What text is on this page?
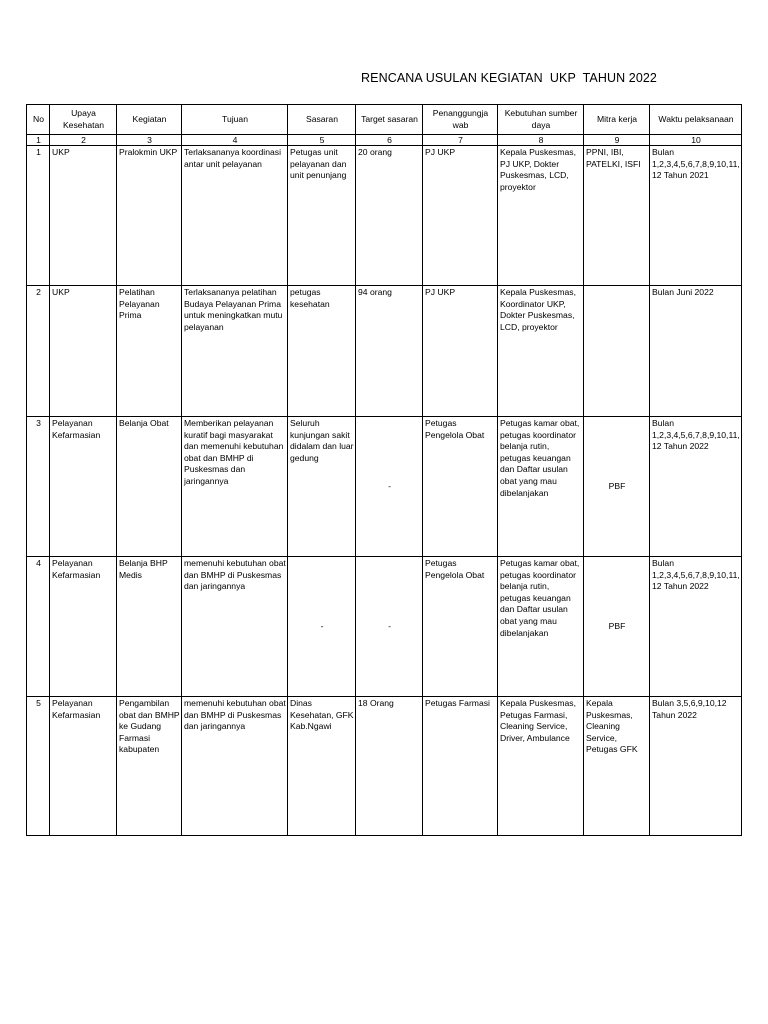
RENCANA USULAN KEGIATAN  UKP  TAHUN 2022
No	Upaya Kesehatan	Kegiatan	Tujuan	Sasaran	Target sasaran	Penanggungja wab	Kebutuhan sumber daya	Mitra kerja	Waktu pelaksanaan
1	2	3	4	5	6	7	8	9	10
1	UKP	Pralokmin UKP	Terlaksananya koordinasi antar unit pelayanan	Petugas unit pelayanan dan unit penunjang	20 orang	PJ UKP	Kepala Puskesmas, PJ UKP, Dokter Puskesmas, LCD, proyektor	PPNI, IBI, PATELKI, ISFI	Bulan 1,2,3,4,5,6,7,8,9,10,11,12 Tahun 2021
2	UKP	Pelatihan Pelayanan Prima	Terlaksananya pelatihan Budaya Pelayanan Prima untuk meningkatkan mutu pelayanan	petugas kesehatan	94 orang	PJ UKP	Kepala Puskesmas, Koordinator UKP, Dokter Puskesmas, LCD, proyektor		Bulan Juni 2022
3	Pelayanan Kefarmasian	Belanja Obat	Memberikan pelayanan kuratif bagi masyarakat dan memenuhi kebutuhan obat dan BMHP di Puskesmas dan jaringannya	Seluruh kunjungan sakit didalam dan luar gedung	-	Petugas Pengelola Obat	Petugas kamar obat, petugas koordinator belanja rutin, petugas keuangan dan Daftar usulan obat yang mau dibelanjakan	PBF	Bulan 1,2,3,4,5,6,7,8,9,10,11,12 Tahun 2022
4	Pelayanan Kefarmasian	Belanja BHP Medis	memenuhi kebutuhan obat dan BMHP di Puskesmas dan jaringannya	-	-	Petugas Pengelola Obat	Petugas kamar obat, petugas koordinator belanja rutin, petugas keuangan dan Daftar usulan obat yang mau dibelanjakan	PBF	Bulan 1,2,3,4,5,6,7,8,9,10,11,12 Tahun 2022
5	Pelayanan Kefarmasian	Pengambilan obat dan BMHP ke Gudang Farmasi kabupaten	memenuhi kebutuhan obat dan BMHP di Puskesmas dan jaringannya	Dinas Kesehatan, GFK Kab.Ngawi	18 Orang	Petugas Farmasi	Kepala Puskesmas, Petugas Farmasi, Cleaning Service, Driver, Ambulance	Kepala Puskesmas, Cleaning Service, Petugas GFK	Bulan 3,5,6,9,10,12 Tahun 2022
